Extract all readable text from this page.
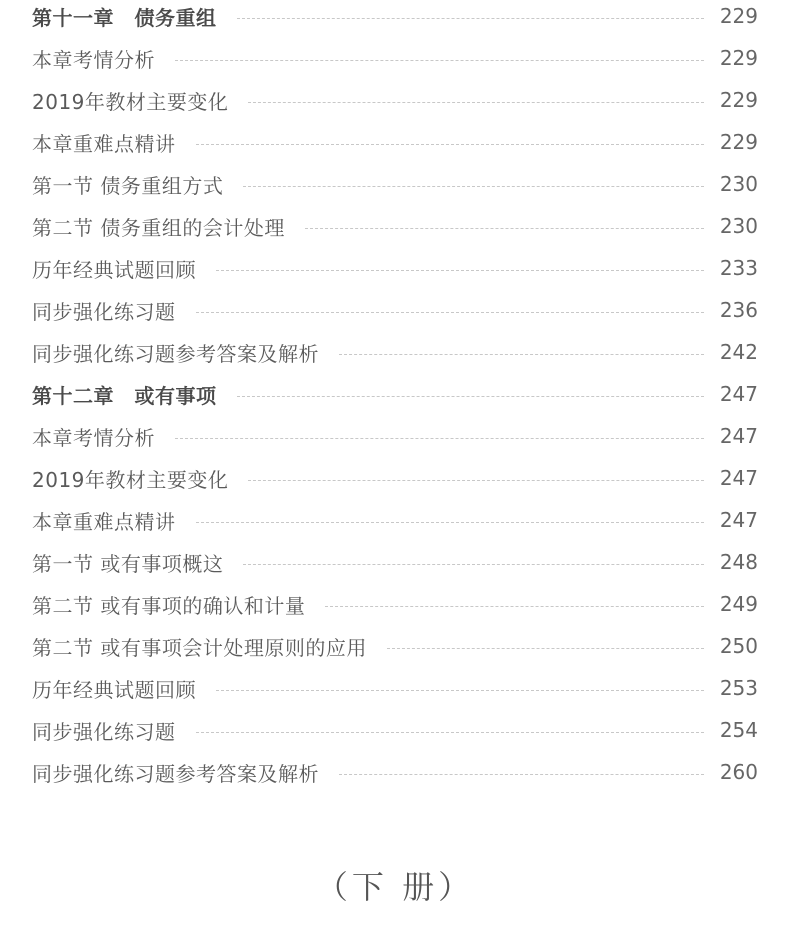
第十一章　债务重组	229
本章考情分析	229
2019年教材主要变化	229
本章重难点精讲	229
第一节 债务重组方式	230
第二节 债务重组的会计处理	230
历年经典试题回顾	233
同步强化练习题	236
同步强化练习题参考答案及解析	242
第十二章　或有事项	247
本章考情分析	247
2019年教材主要变化	247
本章重难点精讲	247
第一节 或有事项概这	248
第二节 或有事项的确认和计量	249
第二节 或有事项会计处理原则的应用	250
历年经典试题回顾	253
同步强化练习题	254
同步强化练习题参考答案及解析	260
（下 册）
